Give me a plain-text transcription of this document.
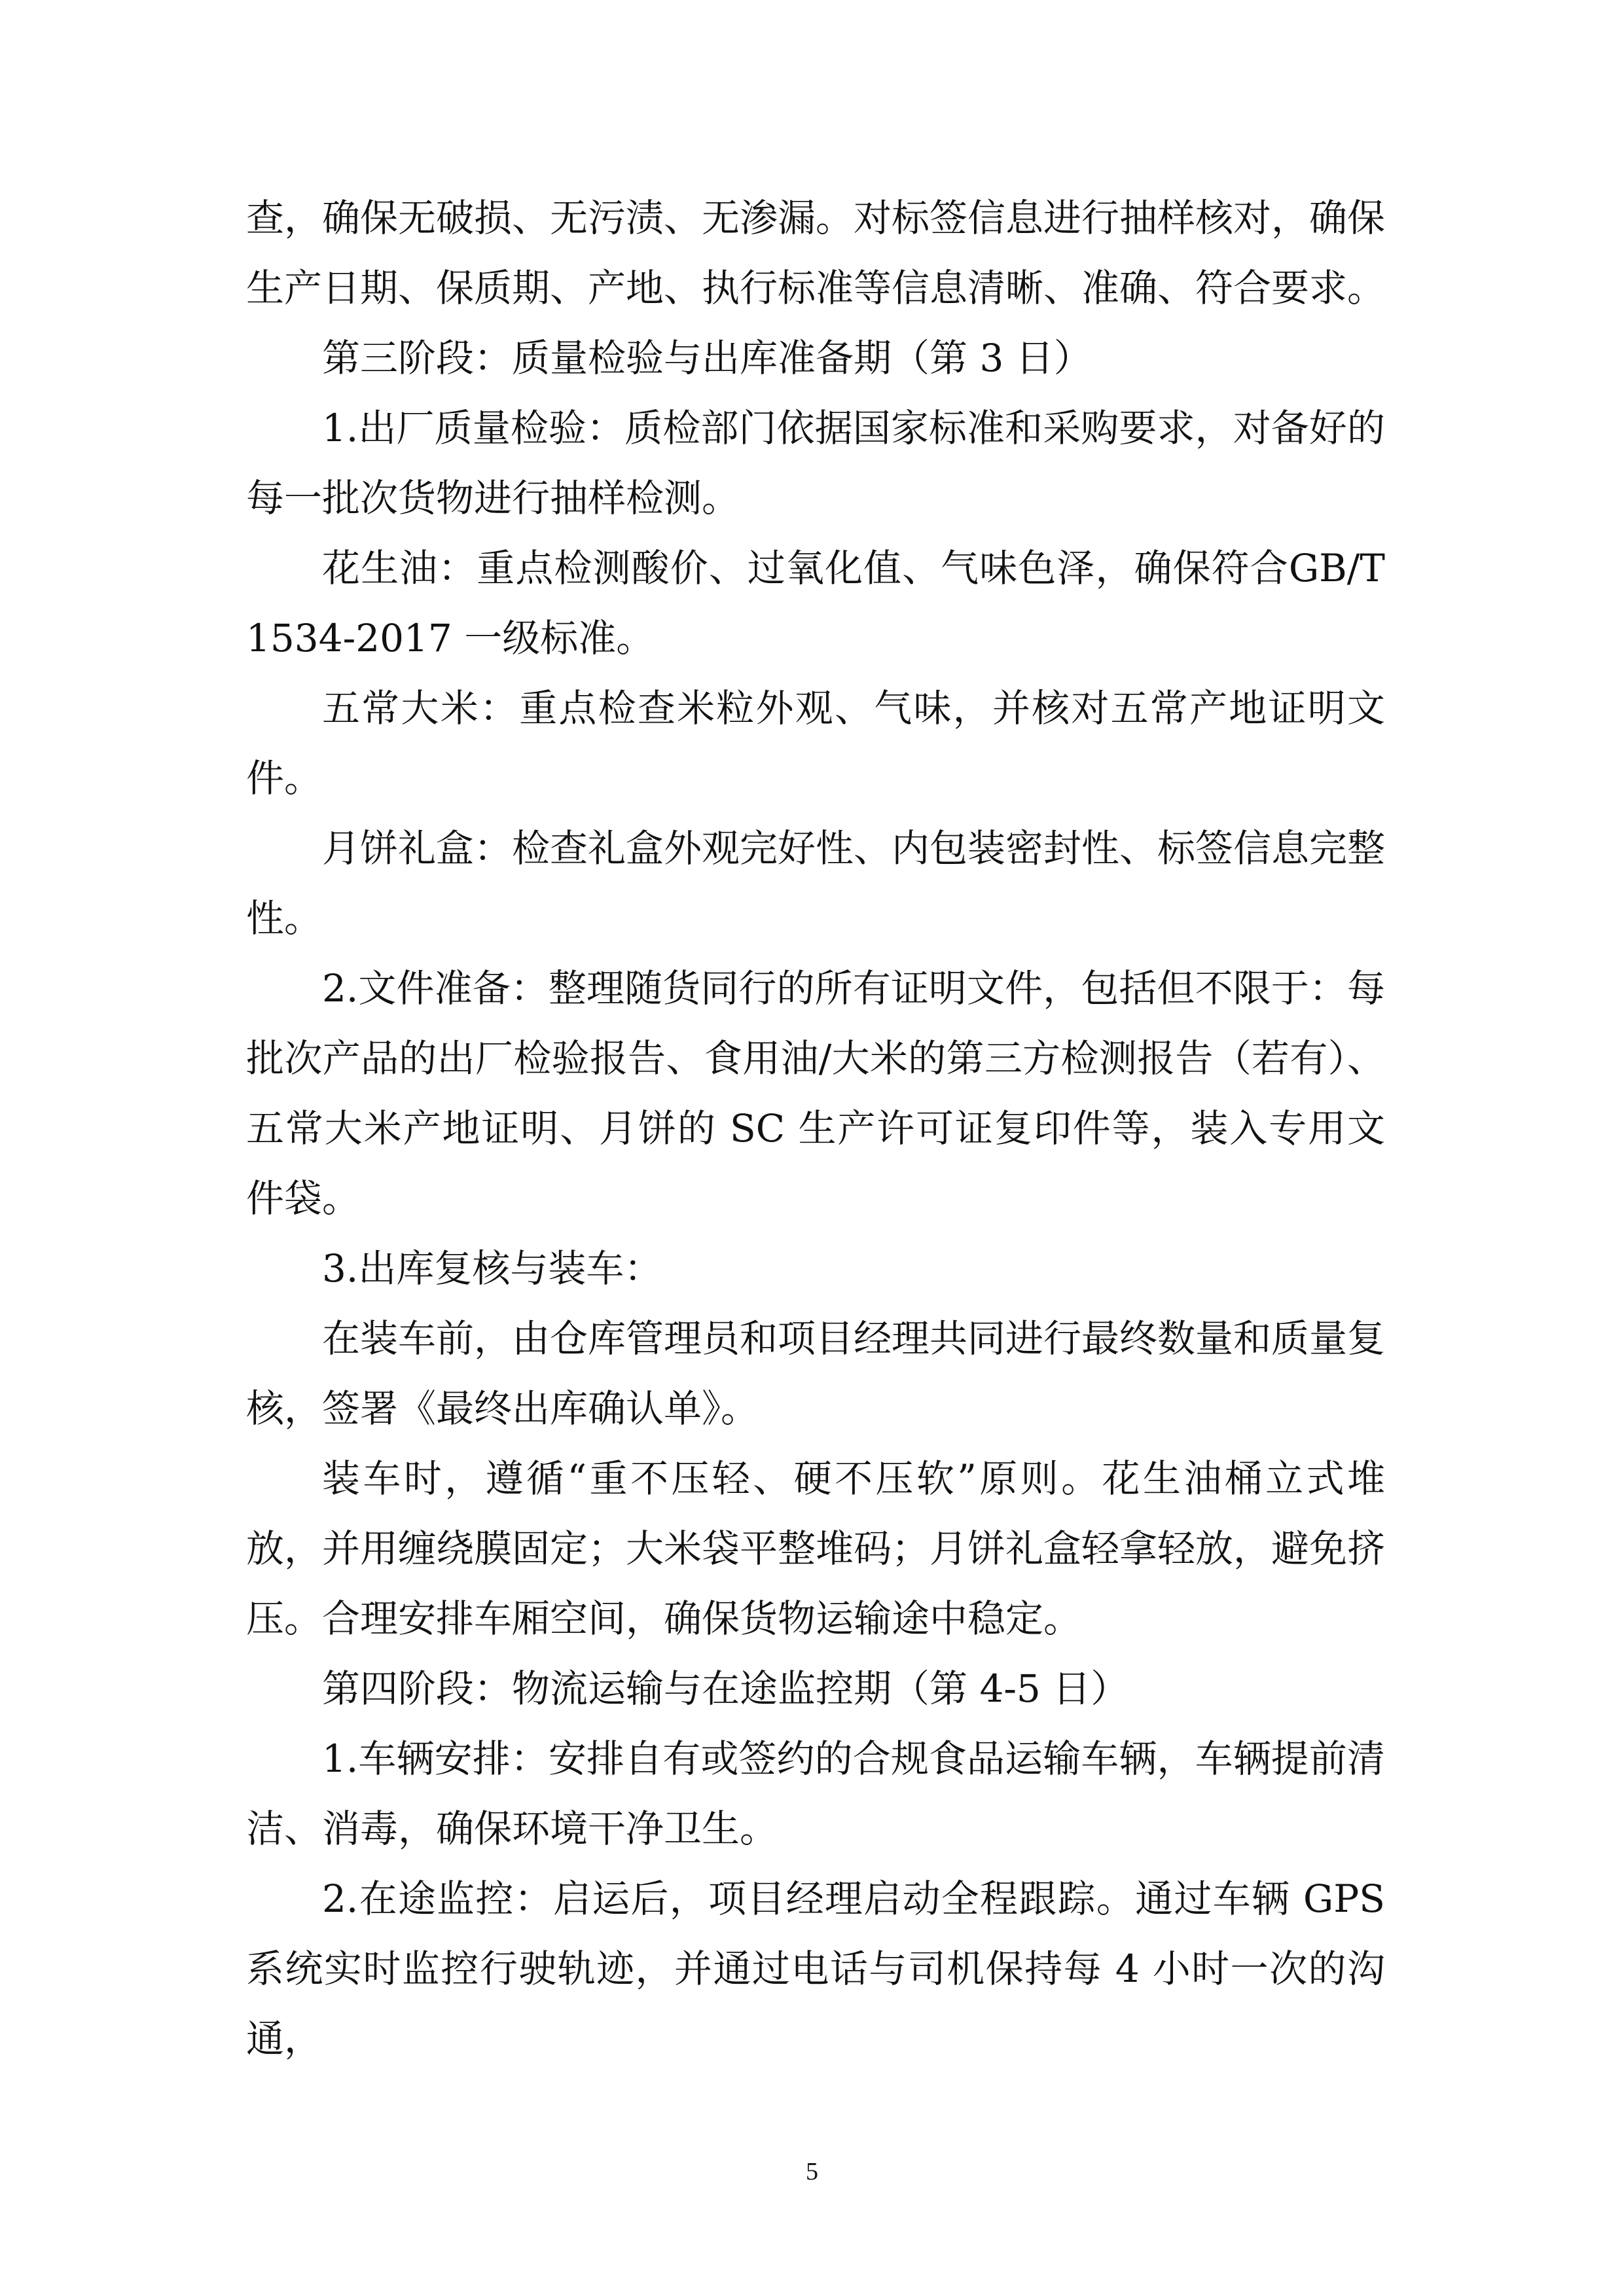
查，确保无破损、无污渍、无渗漏。对标签信息进行抽样核对，确保生产日期、保质期、产地、执行标准等信息清晰、准确、符合要求。

第三阶段：质量检验与出库准备期（第 3 日）

1.出厂质量检验：质检部门依据国家标准和采购要求，对备好的每一批次货物进行抽样检测。

花生油：重点检测酸价、过氧化值、气味色泽，确保符合GB/T1534-2017 一级标准。

五常大米：重点检查米粒外观、气味，并核对五常产地证明文件。

月饼礼盒：检查礼盒外观完好性、内包装密封性、标签信息完整性。

2.文件准备：整理随货同行的所有证明文件，包括但不限于：每批次产品的出厂检验报告、食用油/大米的第三方检测报告（若有）、五常大米产地证明、月饼的 SC 生产许可证复印件等，装入专用文件袋。

3.出库复核与装车：

在装车前，由仓库管理员和项目经理共同进行最终数量和质量复核，签署《最终出库确认单》。

装车时，遵循“重不压轻、硬不压软”原则。花生油桶立式堆放，并用缠绕膜固定；大米袋平整堆码；月饼礼盒轻拿轻放，避免挤压。合理安排车厢空间，确保货物运输途中稳定。

第四阶段：物流运输与在途监控期（第 4-5 日）

1.车辆安排：安排自有或签约的合规食品运输车辆，车辆提前清洁、消毒，确保环境干净卫生。

2.在途监控：启运后，项目经理启动全程跟踪。通过车辆 GPS 系统实时监控行驶轨迹，并通过电话与司机保持每 4 小时一次的沟通，

5
